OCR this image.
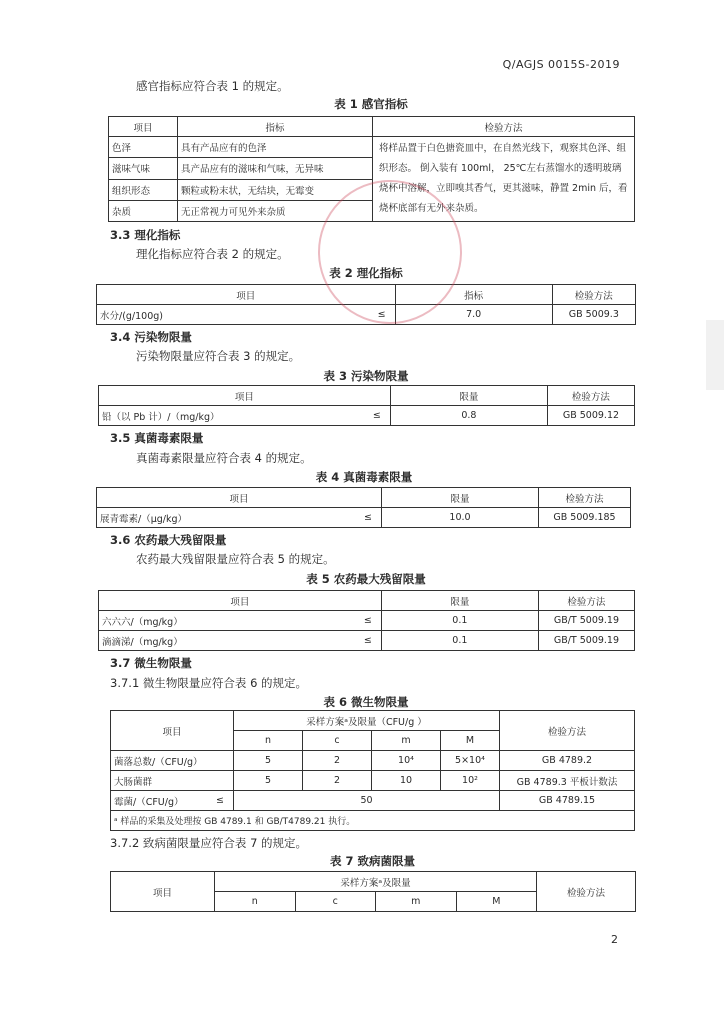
Q/AGJS 0015S-2019
感官指标应符合表 1 的规定。
表 1 感官指标
项目	指标	检验方法
色泽	具有产品应有的色泽	将样品置于白色搪瓷皿中，在自然光线下，观察其色泽、组织形态。 倒入装有 100ml， 25℃左右蒸馏水的透明玻璃烧杯中溶解，立即嗅其香气，更其滋味，静置 2min 后，看烧杯底部有无外来杂质。
滋味气味	具产品应有的滋味和气味，无异味	
组织形态	颗粒或粉末状，无结块，无霉变	
杂质	无正常视力可见外来杂质	
3.3 理化指标
理化指标应符合表 2 的规定。
表 2 理化指标
项目		指标	检验方法
水分/(g/100g)	≤	7.0	GB 5009.3
3.4 污染物限量
污染物限量应符合表 3 的规定。
表 3 污染物限量
项目		限量	检验方法
铅（以 Pb 计）/（mg/kg）	≤	0.8	GB 5009.12
3.5 真菌毒素限量
真菌毒素限量应符合表 4 的规定。
表 4 真菌毒素限量
项目		限量	检验方法
展青霉素/（μg/kg）	≤	10.0	GB 5009.185
3.6 农药最大残留限量
农药最大残留限量应符合表 5 的规定。
表 5 农药最大残留限量
项目		限量	检验方法
六六六/（mg/kg）	≤	0.1	GB/T 5009.19
滴滴涕/（mg/kg）	≤	0.1	GB/T 5009.19
3.7 微生物限量
3.7.1 微生物限量应符合表 6 的规定。
表 6 微生物限量
项目		采样方案ᵃ及限量（CFU/g ）				检验方法
		n	c	m	M	
菌落总数/（CFU/g）		5	2	10⁴	5×10⁴	GB 4789.2
大肠菌群		5	2	10	10²	GB 4789.3 平板计数法
霉菌/（CFU/g）	≤	50				GB 4789.15
ᵃ 样品的采集及处理按 GB 4789.1 和 GB/T4789.21 执行。						
3.7.2 致病菌限量应符合表 7 的规定。
表 7 致病菌限量
项目	采样方案ᵃ及限量				检验方法
	n	c	m	M	
2
